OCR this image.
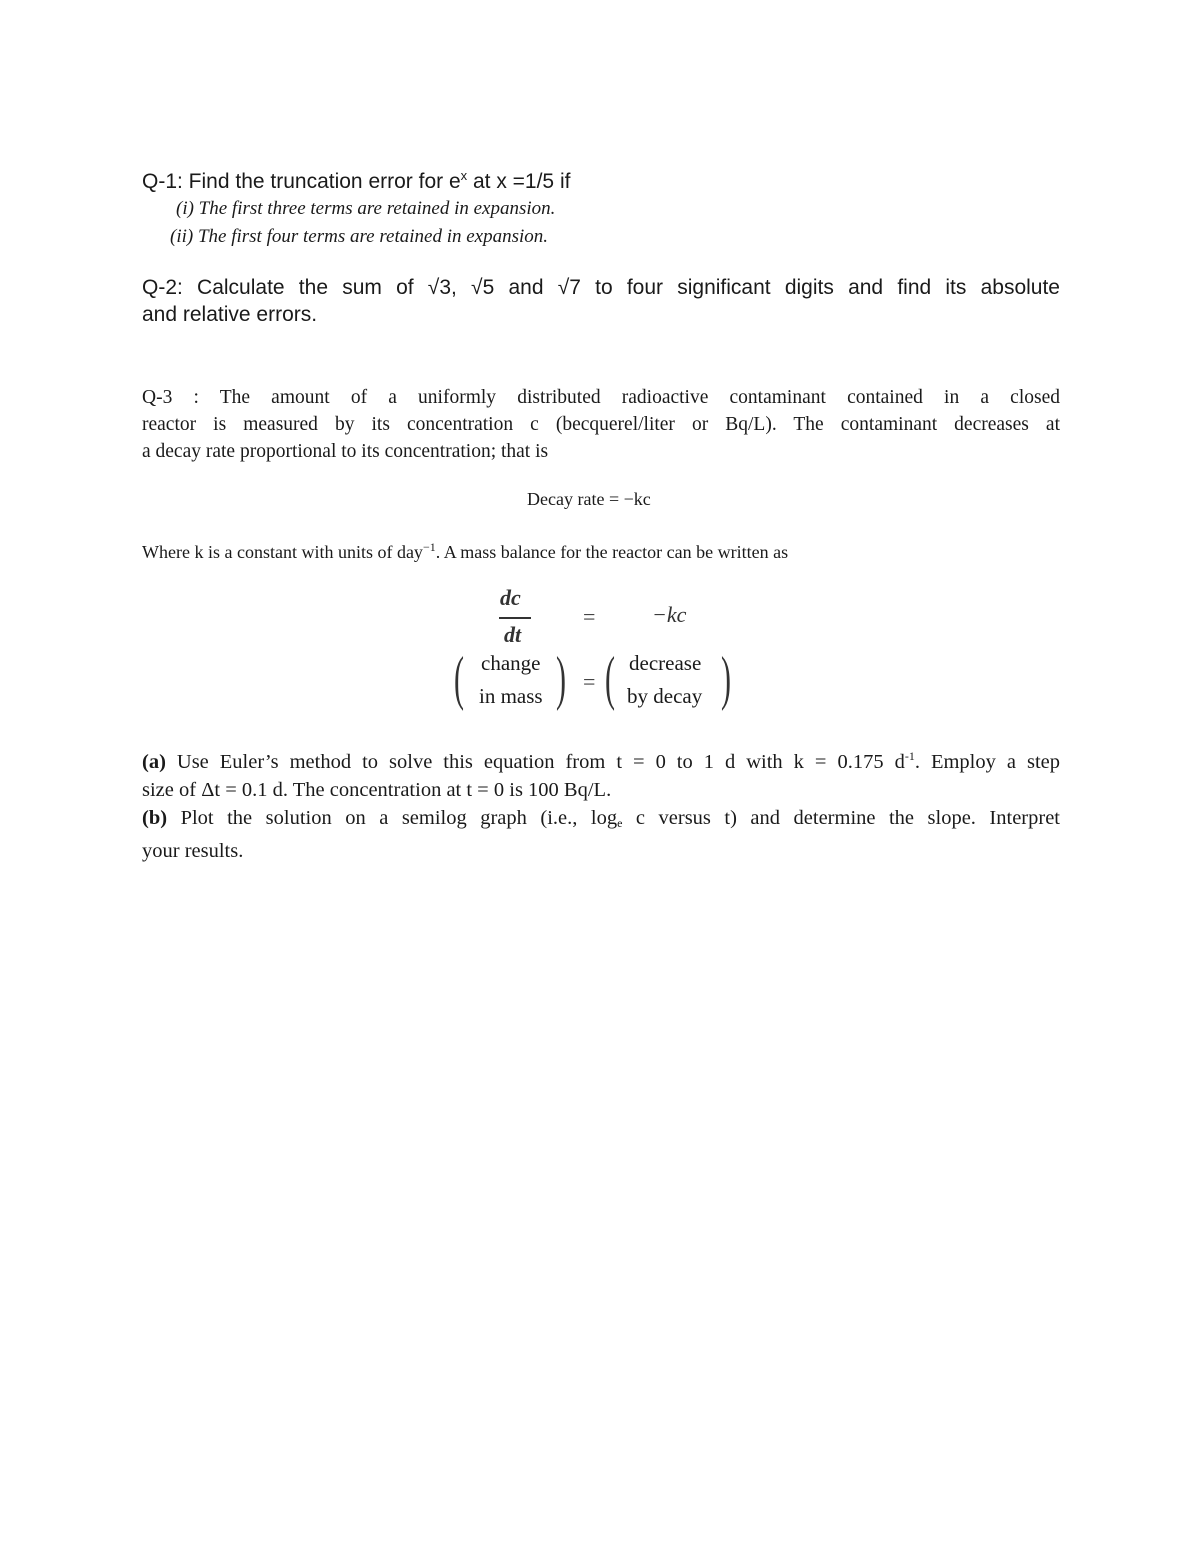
Q-1: Find the truncation error for $e^x$ at x =1/5 if
(i) The first three terms are retained in expansion.
(ii) The first four terms are retained in expansion.
Q-2: Calculate the sum of √3, √5 and √7 to four significant digits and find its absolute
and relative errors.
Q-3 : The amount of a uniformly distributed radioactive contaminant contained in a closed
reactor is measured by its concentration c (becquerel/liter or Bq/L). The contaminant decreases at
a decay rate proportional to its concentration; that is
Decay rate = −kc
Where k is a constant with units of day$^{-1}$. A mass balance for the reactor can be written as
dc
dt
=	−kc
( change
in mass ) = ( decrease
by decay )
(a) Use Euler’s method to solve this equation from t = 0 to 1 d with k = 0.175 $d^{-1}$. Employ a step
size of Δt = 0.1 d. The concentration at t = 0 is 100 Bq/L.
(b) Plot the solution on a semilog graph (i.e., $\log_e c$ versus t) and determine the slope. Interpret
your results.
